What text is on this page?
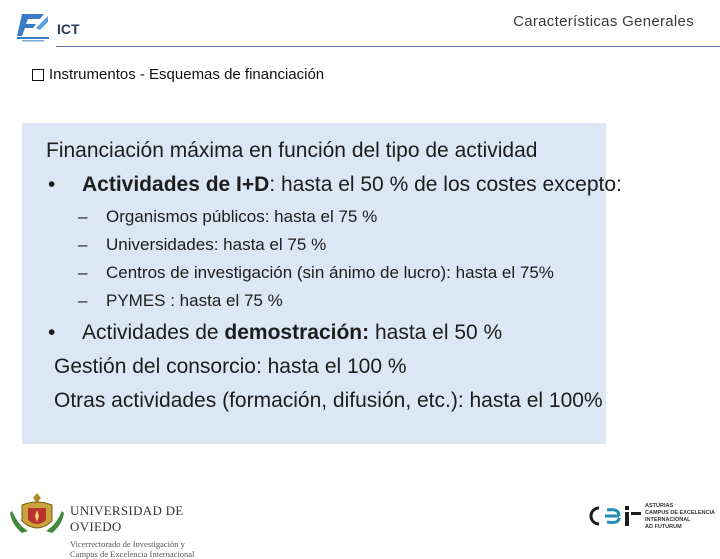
ICT	Características Generales
Instrumentos - Esquemas de financiación
Financiación máxima en función del tipo de actividad
• Actividades de I+D: hasta el 50 % de los costes excepto:
– Organismos públicos: hasta el 75 %
– Universidades: hasta el 75 %
– Centros de investigación (sin ánimo de lucro): hasta el 75%
– PYMES : hasta el 75 %
• Actividades de demostración: hasta el 50 %
Gestión del consorcio: hasta el 100 %
Otras actividades (formación, difusión, etc.): hasta el 100%
UNIVERSIDAD DE OVIEDO
Vicerrectorado de Investigación y
Campus de Excelencia Internacional
ASTURIAS
CAMPUS DE EXCELENCIA
INTERNACIONAL
AD FUTURUM
